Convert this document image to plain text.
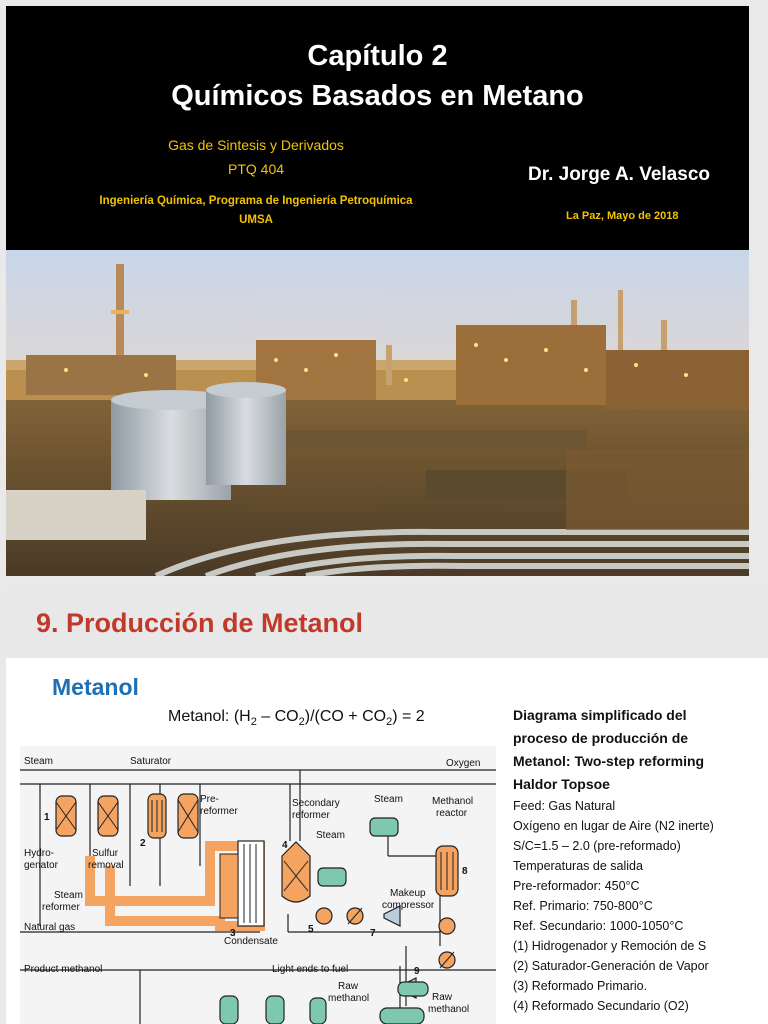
Capítulo 2
Químicos Basados en Metano
Gas de Sintesis y Derivados
PTQ 404
Ingeniería Química, Programa de Ingeniería Petroquímica
UMSA
Dr. Jorge A. Velasco
La Paz, Mayo de 2018
9. Producción de Metanol
Metanol
Metanol: $(H_2 - CO_2)/(CO + CO_2) = 2$
Steam	Saturator	Oxygen
Pre-
reformer
Secondary
reformer
Steam
Steam	Methanol
reactor
Hydro-
genator
Sulfur
removal
Steam
reformer
Makeup
compressor
Natural gas
Condensate
Product methanol	Light ends to fuel
Raw
methanol	Raw
methanol
1
2
3
4
5	7
8
9
Diagrama simplificado del
proceso de producción de
Metanol: Two-step reforming
Haldor Topsoe
Feed: Gas Natural
Oxígeno en lugar de Aire (N2 inerte)
S/C=1.5 – 2.0 (pre-reformado)
Temperaturas de salida
Pre-reformador: 450°C
Ref. Primario: 750-800°C
Ref. Secundario: 1000-1050°C
(1) Hidrogenador y Remoción de S
(2) Saturador-Generación de Vapor
(3) Reformado Primario.
(4) Reformado Secundario (O2)
